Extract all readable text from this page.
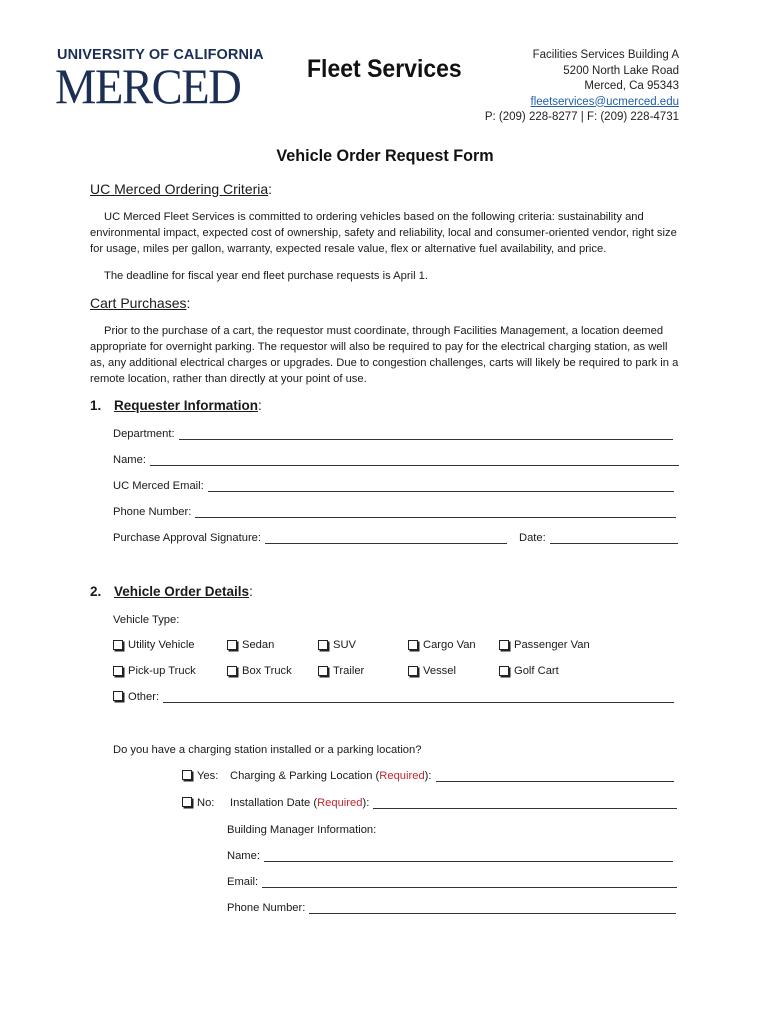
UNIVERSITY OF CALIFORNIA
MERCED	Fleet Services	Facilities Services Building A
5200 North Lake Road
Merced, Ca 95343
fleetservices@ucmerced.edu
P: (209) 228-8277 | F: (209) 228-4731
Vehicle Order Request Form
UC Merced Ordering Criteria:
UC Merced Fleet Services is committed to ordering vehicles based on the following criteria: sustainability and environmental impact, expected cost of ownership, safety and reliability, local and consumer-oriented vendor, right size for usage, miles per gallon, warranty, expected resale value, flex or alternative fuel availability, and price.
The deadline for fiscal year end fleet purchase requests is April 1.
Cart Purchases:
Prior to the purchase of a cart, the requestor must coordinate, through Facilities Management, a location deemed appropriate for overnight parking. The requestor will also be required to pay for the electrical charging station, as well as, any additional electrical charges or upgrades. Due to congestion challenges, carts will likely be required to park in a remote location, rather than directly at your point of use.
1. Requester Information:
Department:
Name:
UC Merced Email:
Phone Number:
Purchase Approval Signature:	Date:
2. Vehicle Order Details:
Vehicle Type:
Utility Vehicle	Sedan	SUV	Cargo Van	Passenger Van
Pick-up Truck	Box Truck	Trailer	Vessel	Golf Cart
Other:
Do you have a charging station installed or a parking location?
Yes:	Charging & Parking Location ( Required ):
No:	Installation Date ( Required ):
Building Manager Information:
Name:
Email:
Phone Number:
